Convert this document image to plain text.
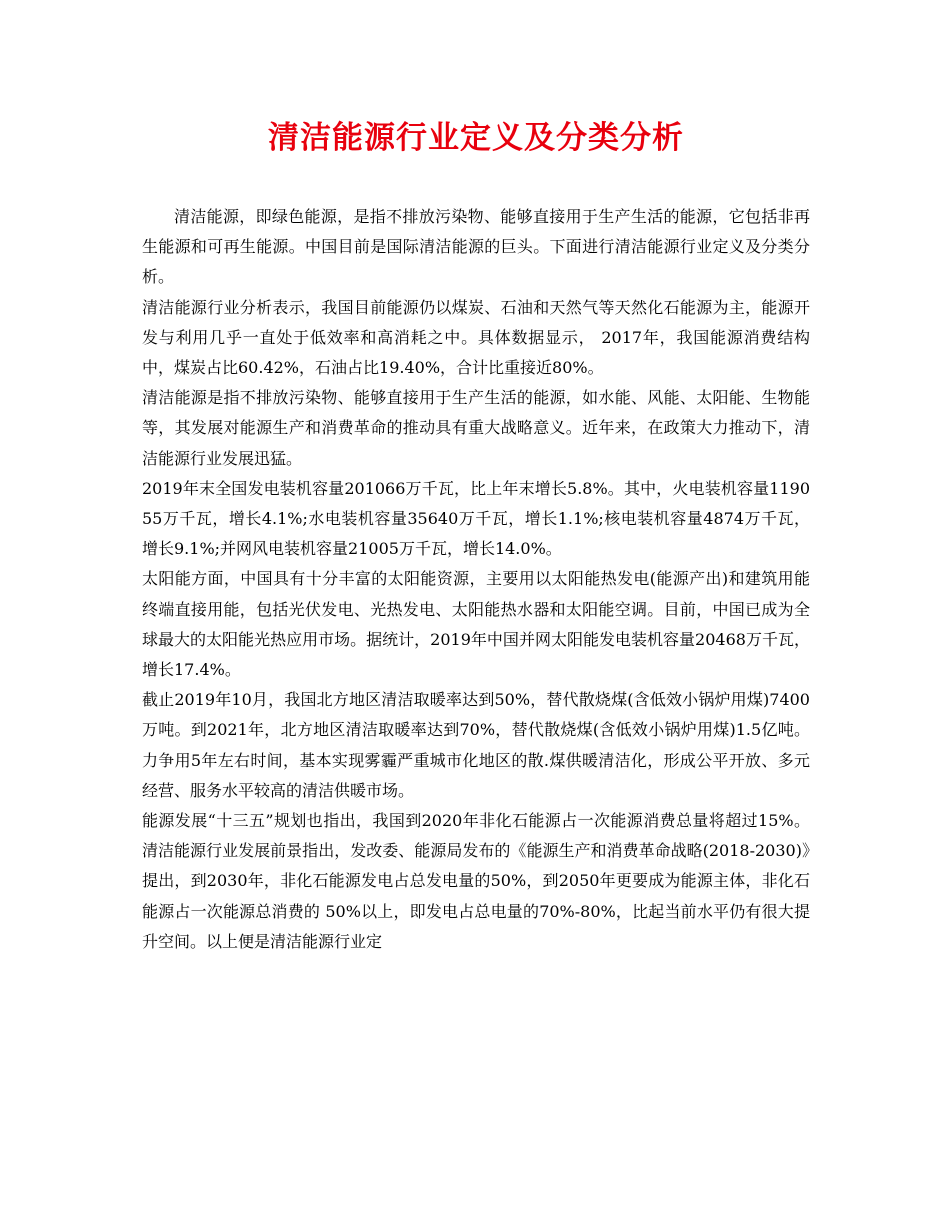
清洁能源行业定义及分类分析

清洁能源，即绿色能源，是指不排放污染物、能够直接用于生产生活的能源，它包括非再生能源和可再生能源。中国目前是国际清洁能源的巨头。下面进行清洁能源行业定义及分类分析。

清洁能源行业分析表示，我国目前能源仍以煤炭、石油和天然气等天然化石能源为主，能源开发与利用几乎一直处于低效率和高消耗之中。具体数据显示， 2017年，我国能源消费结构中，煤炭占比60.42%，石油占比19.40%，合计比重接近80%。

清洁能源是指不排放污染物、能够直接用于生产生活的能源，如水能、风能、太阳能、生物能等，其发展对能源生产和消费革命的推动具有重大战略意义。近年来，在政策大力推动下，清洁能源行业发展迅猛。

2019年末全国发电装机容量201066万千瓦，比上年末增长5.8%。其中，火电装机容量119055万千瓦，增长4.1%;水电装机容量35640万千瓦，增长1.1%;核电装机容量4874万千瓦，增长9.1%;并网风电装机容量21005万千瓦，增长14.0%。

太阳能方面，中国具有十分丰富的太阳能资源，主要用以太阳能热发电(能源产出)和建筑用能终端直接用能，包括光伏发电、光热发电、太阳能热水器和太阳能空调。目前，中国已成为全球最大的太阳能光热应用市场。据统计，2019年中国并网太阳能发电装机容量20468万千瓦，增长17.4%。

截止2019年10月，我国北方地区清洁取暖率达到50%，替代散烧煤(含低效小锅炉用煤)7400万吨。到2021年，北方地区清洁取暖率达到70%，替代散烧煤(含低效小锅炉用煤)1.5亿吨。力争用5年左右时间，基本实现雾霾严重城市化地区的散.煤供暖清洁化，形成公平开放、多元经营、服务水平较高的清洁供暖市场。

能源发展“十三五”规划也指出，我国到2020年非化石能源占一次能源消费总量将超过15%。清洁能源行业发展前景指出，发改委、能源局发布的《能源生产和消费革命战略(2018-2030)》提出，到2030年，非化石能源发电占总发电量的50%，到2050年更要成为能源主体，非化石能源占一次能源总消费的 50%以上，即发电占总电量的70%-80%，比起当前水平仍有很大提升空间。以上便是清洁能源行业定
